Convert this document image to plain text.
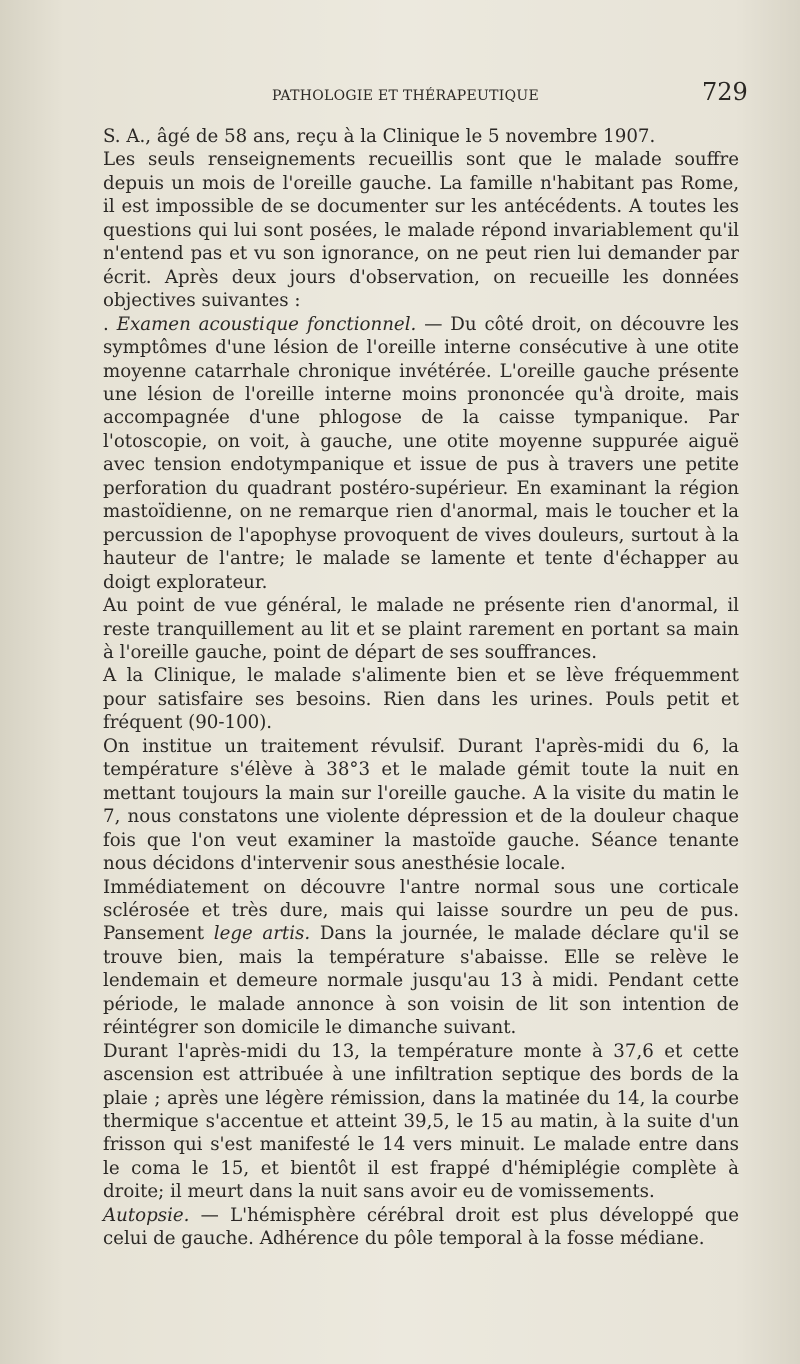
PATHOLOGIE ET THÉRAPEUTIQUE	729

S. A., âgé de 58 ans, reçu à la Clinique le 5 novembre 1907.

Les seuls renseignements recueillis sont que le malade souffre depuis un mois de l'oreille gauche. La famille n'habitant pas Rome, il est impossible de se documenter sur les antécédents. A toutes les questions qui lui sont posées, le malade répond invariablement qu'il n'entend pas et vu son ignorance, on ne peut rien lui demander par écrit. Après deux jours d'observation, on recueille les données objectives suivantes :

. Examen acoustique fonctionnel. — Du côté droit, on découvre les symptômes d'une lésion de l'oreille interne consécutive à une otite moyenne catarrhale chronique invétérée. L'oreille gauche présente une lésion de l'oreille interne moins prononcée qu'à droite, mais accompagnée d'une phlogose de la caisse tympanique. Par l'otoscopie, on voit, à gauche, une otite moyenne suppurée aiguë avec tension endotympanique et issue de pus à travers une petite perforation du quadrant postéro-supérieur. En examinant la région mastoïdienne, on ne remarque rien d'anormal, mais le toucher et la percussion de l'apophyse provoquent de vives douleurs, surtout à la hauteur de l'antre; le malade se lamente et tente d'échapper au doigt explorateur.

Au point de vue général, le malade ne présente rien d'anormal, il reste tranquillement au lit et se plaint rarement en portant sa main à l'oreille gauche, point de départ de ses souffrances.

A la Clinique, le malade s'alimente bien et se lève fréquemment pour satisfaire ses besoins. Rien dans les urines. Pouls petit et fréquent (90-100).

On institue un traitement révulsif. Durant l'après-midi du 6, la température s'élève à 38°3 et le malade gémit toute la nuit en mettant toujours la main sur l'oreille gauche. A la visite du matin le 7, nous constatons une violente dépression et de la douleur chaque fois que l'on veut examiner la mastoïde gauche. Séance tenante nous décidons d'intervenir sous anesthésie locale.

Immédiatement on découvre l'antre normal sous une corticale sclérosée et très dure, mais qui laisse sourdre un peu de pus. Pansement lege artis. Dans la journée, le malade déclare qu'il se trouve bien, mais la température s'abaisse. Elle se relève le lendemain et demeure normale jusqu'au 13 à midi. Pendant cette période, le malade annonce à son voisin de lit son intention de réintégrer son domicile le dimanche suivant.

Durant l'après-midi du 13, la température monte à 37,6 et cette ascension est attribuée à une infiltration septique des bords de la plaie ; après une légère rémission, dans la matinée du 14, la courbe thermique s'accentue et atteint 39,5, le 15 au matin, à la suite d'un frisson qui s'est manifesté le 14 vers minuit. Le malade entre dans le coma le 15, et bientôt il est frappé d'hémiplégie complète à droite; il meurt dans la nuit sans avoir eu de vomissements.

Autopsie. — L'hémisphère cérébral droit est plus développé que celui de gauche. Adhérence du pôle temporal à la fosse médiane.
